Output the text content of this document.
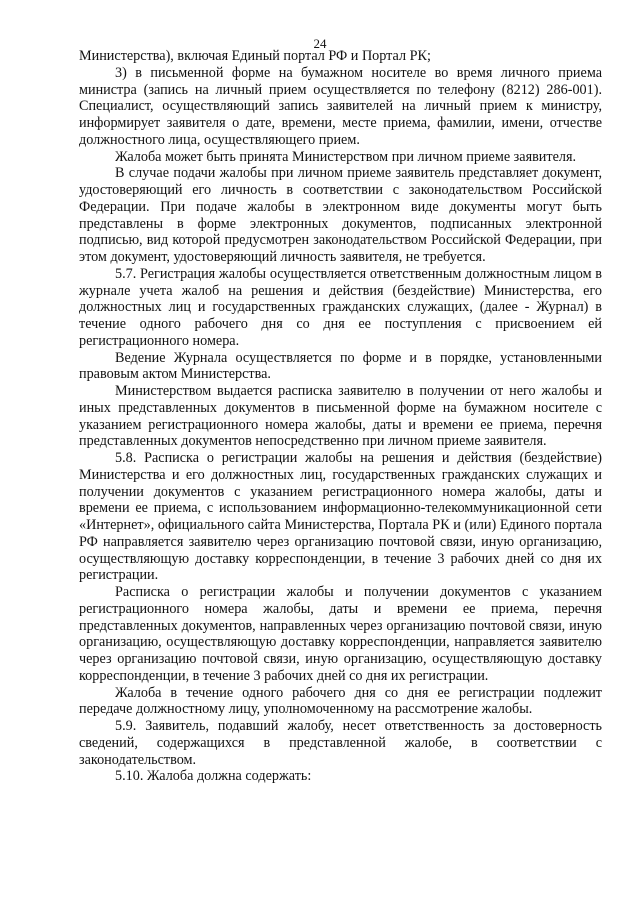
24

Министерства), включая Единый портал РФ и Портал РК;

3) в письменной форме на бумажном носителе во время личного приема министра (запись на личный прием осуществляется по телефону (8212) 286-001). Специалист, осуществляющий запись заявителей на личный прием к министру, информирует заявителя о дате, времени, месте приема, фамилии, имени, отчестве должностного лица, осуществляющего прием.

Жалоба может быть принята Министерством при личном приеме заявителя.

В случае подачи жалобы при личном приеме заявитель представляет документ, удостоверяющий его личность в соответствии с законодательством Российской Федерации. При подаче жалобы в электронном виде документы могут быть представлены в форме электронных документов, подписанных электронной подписью, вид которой предусмотрен законодательством Российской Федерации, при этом документ, удостоверяющий личность заявителя, не требуется.

5.7. Регистрация жалобы осуществляется ответственным должностным лицом в журнале учета жалоб на решения и действия (бездействие) Министерства, его должностных лиц и государственных гражданских служащих, (далее - Журнал) в течение одного рабочего дня со дня ее поступления с присвоением ей регистрационного номера.

Ведение Журнала осуществляется по форме и в порядке, установленными правовым актом Министерства.

Министерством выдается расписка заявителю в получении от него жалобы и иных представленных документов в письменной форме на бумажном носителе с указанием регистрационного номера жалобы, даты и времени ее приема, перечня представленных документов непосредственно при личном приеме заявителя.

5.8. Расписка о регистрации жалобы на решения и действия (бездействие) Министерства и его должностных лиц, государственных гражданских служащих и получении документов с указанием регистрационного номера жалобы, даты и времени ее приема, с использованием информационно-телекоммуникационной сети «Интернет», официального сайта Министерства, Портала РК и (или) Единого портала РФ направляется заявителю через организацию почтовой связи, иную организацию, осуществляющую доставку корреспонденции, в течение 3 рабочих дней со дня их регистрации.

Расписка о регистрации жалобы и получении документов с указанием регистрационного номера жалобы, даты и времени ее приема, перечня представленных документов, направленных через организацию почтовой связи, иную организацию, осуществляющую доставку корреспонденции, направляется заявителю через организацию почтовой связи, иную организацию, осуществляющую доставку корреспонденции, в течение 3 рабочих дней со дня их регистрации.

Жалоба в течение одного рабочего дня со дня ее регистрации подлежит передаче должностному лицу, уполномоченному на рассмотрение жалобы.

5.9. Заявитель, подавший жалобу, несет ответственность за достоверность сведений, содержащихся в представленной жалобе, в соответствии с законодательством.

5.10. Жалоба должна содержать:
